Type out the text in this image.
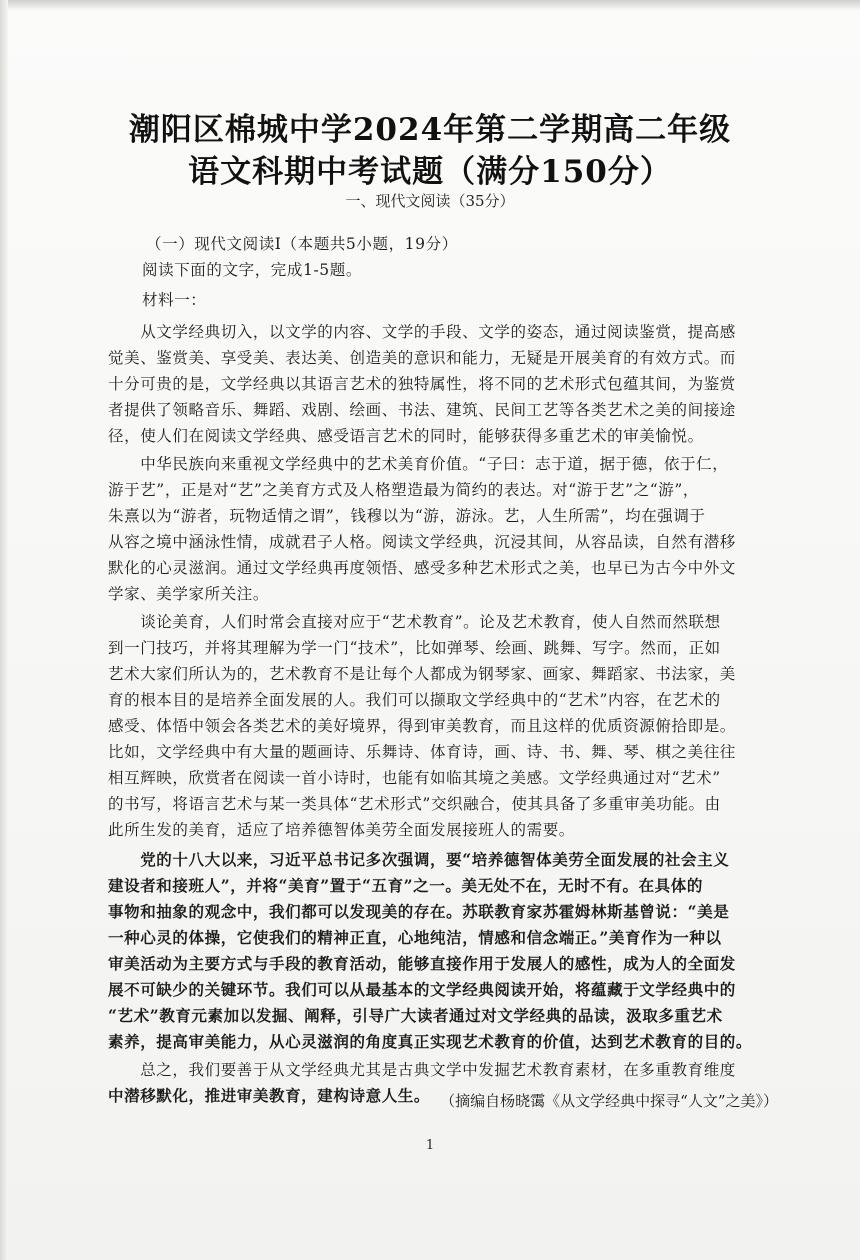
潮阳区棉城中学2024年第二学期高二年级
语文科期中考试题（满分150分）
一、现代文阅读（35分）
（一）现代文阅读Ⅰ（本题共5小题，19分）
阅读下面的文字，完成1-5题。
材料一：
　　从文学经典切入，以文学的内容、文学的手段、文学的姿态，通过阅读鉴赏，提高感
觉美、鉴赏美、享受美、表达美、创造美的意识和能力，无疑是开展美育的有效方式。而
十分可贵的是，文学经典以其语言艺术的独特属性，将不同的艺术形式包蕴其间，为鉴赏
者提供了领略音乐、舞蹈、戏剧、绘画、书法、建筑、民间工艺等各类艺术之美的间接途
径，使人们在阅读文学经典、感受语言艺术的同时，能够获得多重艺术的审美愉悦。
　　中华民族向来重视文学经典中的艺术美育价值。“子曰：志于道，据于德，依于仁，
游于艺”，正是对“艺”之美育方式及人格塑造最为简约的表达。对“游于艺”之“游”，
朱熹以为“游者，玩物适情之谓”，钱穆以为“游，游泳。艺，人生所需”，均在强调于
从容之境中涵泳性情，成就君子人格。阅读文学经典，沉浸其间，从容品读，自然有潜移
默化的心灵滋润。通过文学经典再度领悟、感受多种艺术形式之美，也早已为古今中外文
学家、美学家所关注。
　　谈论美育，人们时常会直接对应于“艺术教育”。论及艺术教育，使人自然而然联想
到一门技巧，并将其理解为学一门“技术”，比如弹琴、绘画、跳舞、写字。然而，正如
艺术大家们所认为的，艺术教育不是让每个人都成为钢琴家、画家、舞蹈家、书法家，美
育的根本目的是培养全面发展的人。我们可以撷取文学经典中的“艺术”内容，在艺术的
感受、体悟中领会各类艺术的美好境界，得到审美教育，而且这样的优质资源俯拾即是。
比如，文学经典中有大量的题画诗、乐舞诗、体育诗，画、诗、书、舞、琴、棋之美往往
相互辉映，欣赏者在阅读一首小诗时，也能有如临其境之美感。文学经典通过对“艺术”
的书写，将语言艺术与某一类具体“艺术形式”交织融合，使其具备了多重审美功能。由
此所生发的美育，适应了培养德智体美劳全面发展接班人的需要。
　　党的十八大以来，习近平总书记多次强调，要“培养德智体美劳全面发展的社会主义
建设者和接班人”，并将“美育”置于“五育”之一。美无处不在，无时不有。在具体的
事物和抽象的观念中，我们都可以发现美的存在。苏联教育家苏霍姆林斯基曾说：“美是
一种心灵的体操，它使我们的精神正直，心地纯洁，情感和信念端正。”美育作为一种以
审美活动为主要方式与手段的教育活动，能够直接作用于发展人的感性，成为人的全面发
展不可缺少的关键环节。我们可以从最基本的文学经典阅读开始，将蕴藏于文学经典中的
“艺术”教育元素加以发掘、阐释，引导广大读者通过对文学经典的品读，汲取多重艺术
素养，提高审美能力，从心灵滋润的角度真正实现艺术教育的价值，达到艺术教育的目的。
　　总之，我们要善于从文学经典尤其是古典文学中发掘艺术教育素材，在多重教育维度
中潜移默化，推进审美教育，建构诗意人生。 （摘编自杨晓霭《从文学经典中探寻“人文”之美》）
1
